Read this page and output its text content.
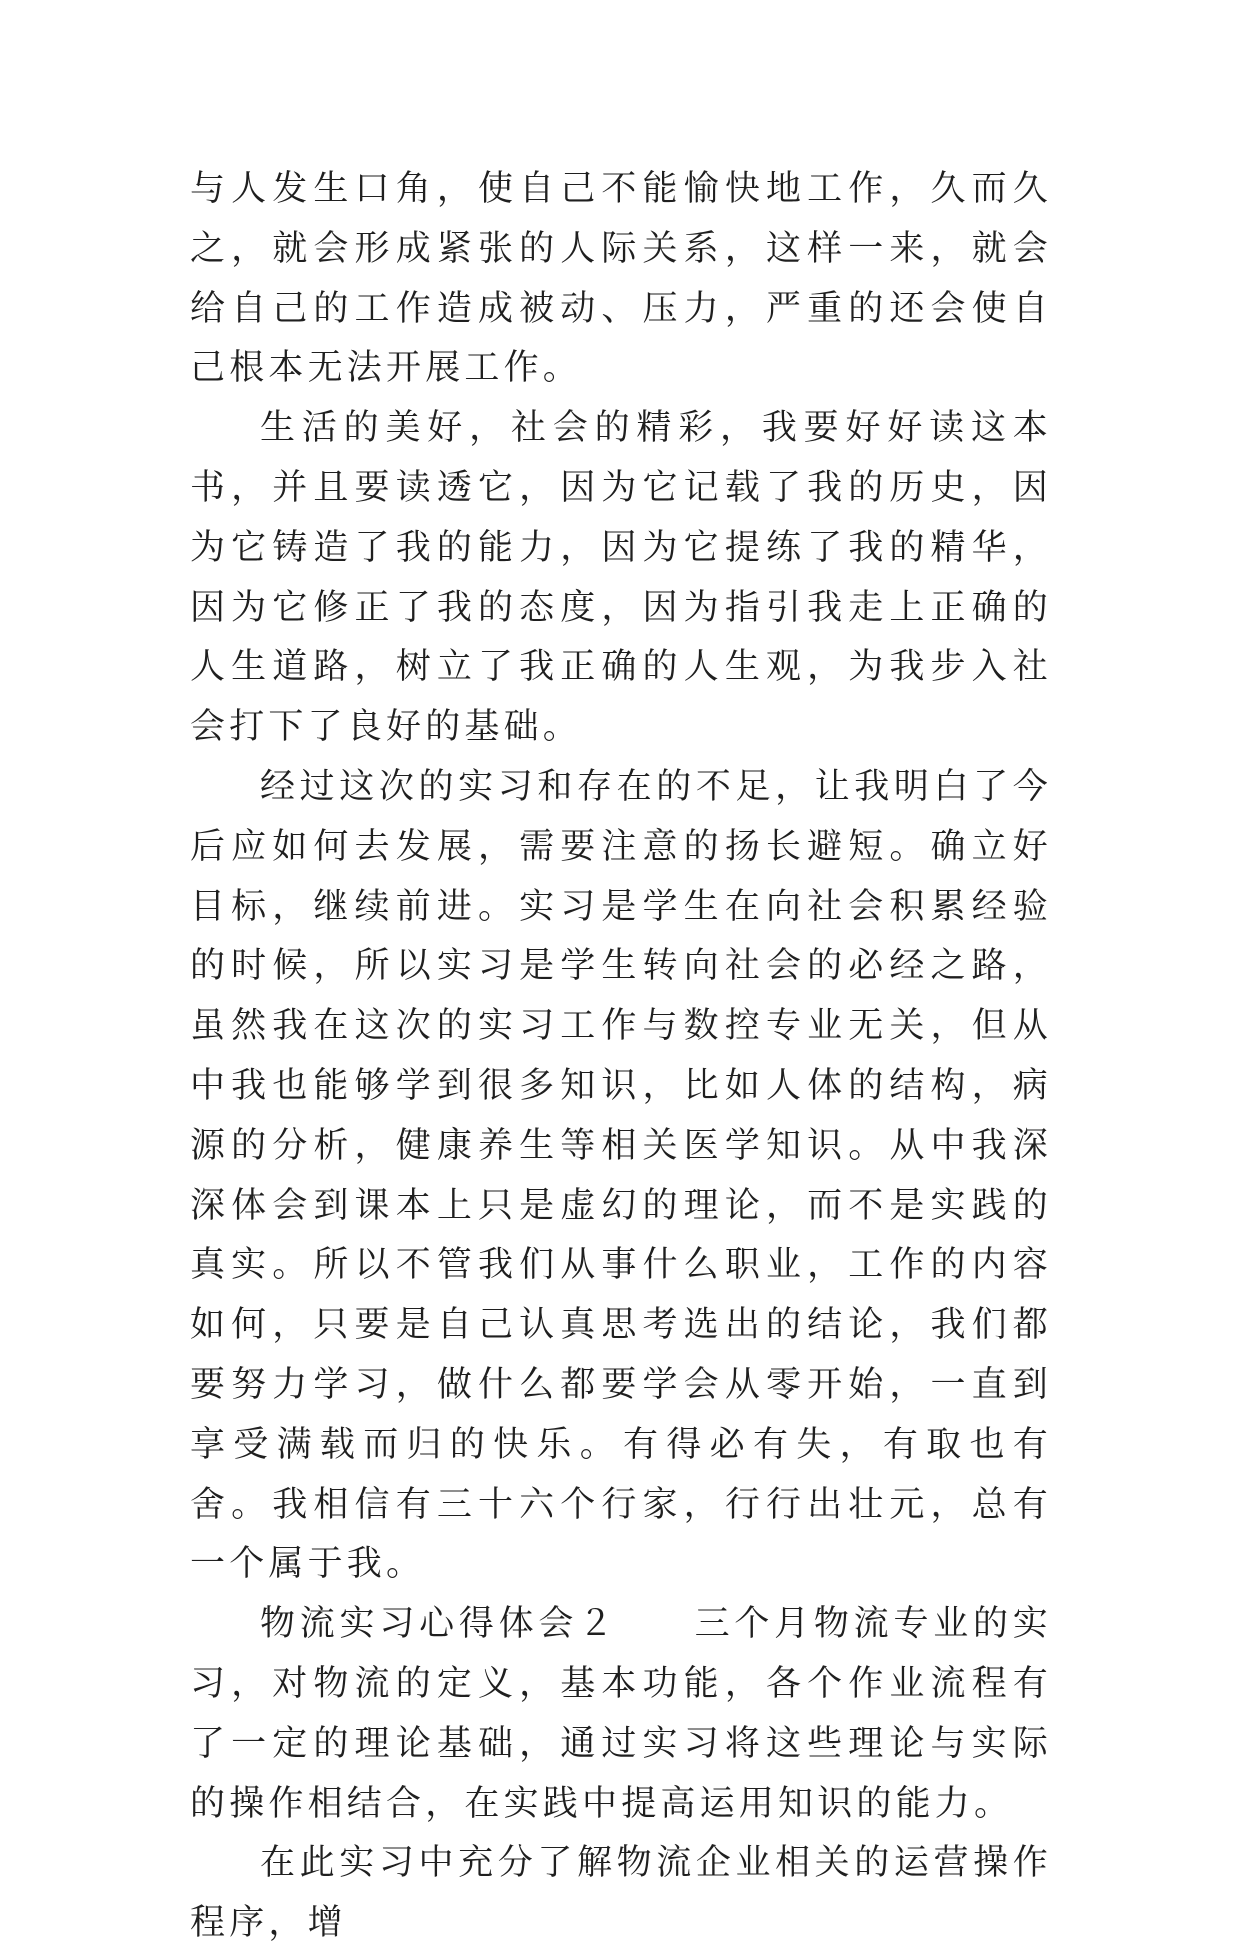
与人发生口角，使自己不能愉快地工作，久而久之，就会形成紧张的人际关系，这样一来，就会给自己的工作造成被动、压力，严重的还会使自己根本无法开展工作。

生活的美好，社会的精彩，我要好好读这本书，并且要读透它，因为它记载了我的历史，因为它铸造了我的能力，因为它提练了我的精华，因为它修正了我的态度，因为指引我走上正确的人生道路，树立了我正确的人生观，为我步入社会打下了良好的基础。

经过这次的实习和存在的不足，让我明白了今后应如何去发展，需要注意的扬长避短。确立好目标，继续前进。实习是学生在向社会积累经验的时候，所以实习是学生转向社会的必经之路，虽然我在这次的实习工作与数控专业无关，但从中我也能够学到很多知识，比如人体的结构，病源的分析，健康养生等相关医学知识。从中我深深体会到课本上只是虚幻的理论，而不是实践的真实。所以不管我们从事什么职业，工作的内容如何，只要是自己认真思考选出的结论，我们都要努力学习，做什么都要学会从零开始，一直到享受满载而归的快乐。有得必有失，有取也有舍。我相信有三十六个行家，行行出壮元，总有一个属于我。

物流实习心得体会２ 三个月物流专业的实习，对物流的定义，基本功能，各个作业流程有了一定的理论基础，通过实习将这些理论与实际的操作相结合，在实践中提高运用知识的能力。

在此实习中充分了解物流企业相关的运营操作程序，增
